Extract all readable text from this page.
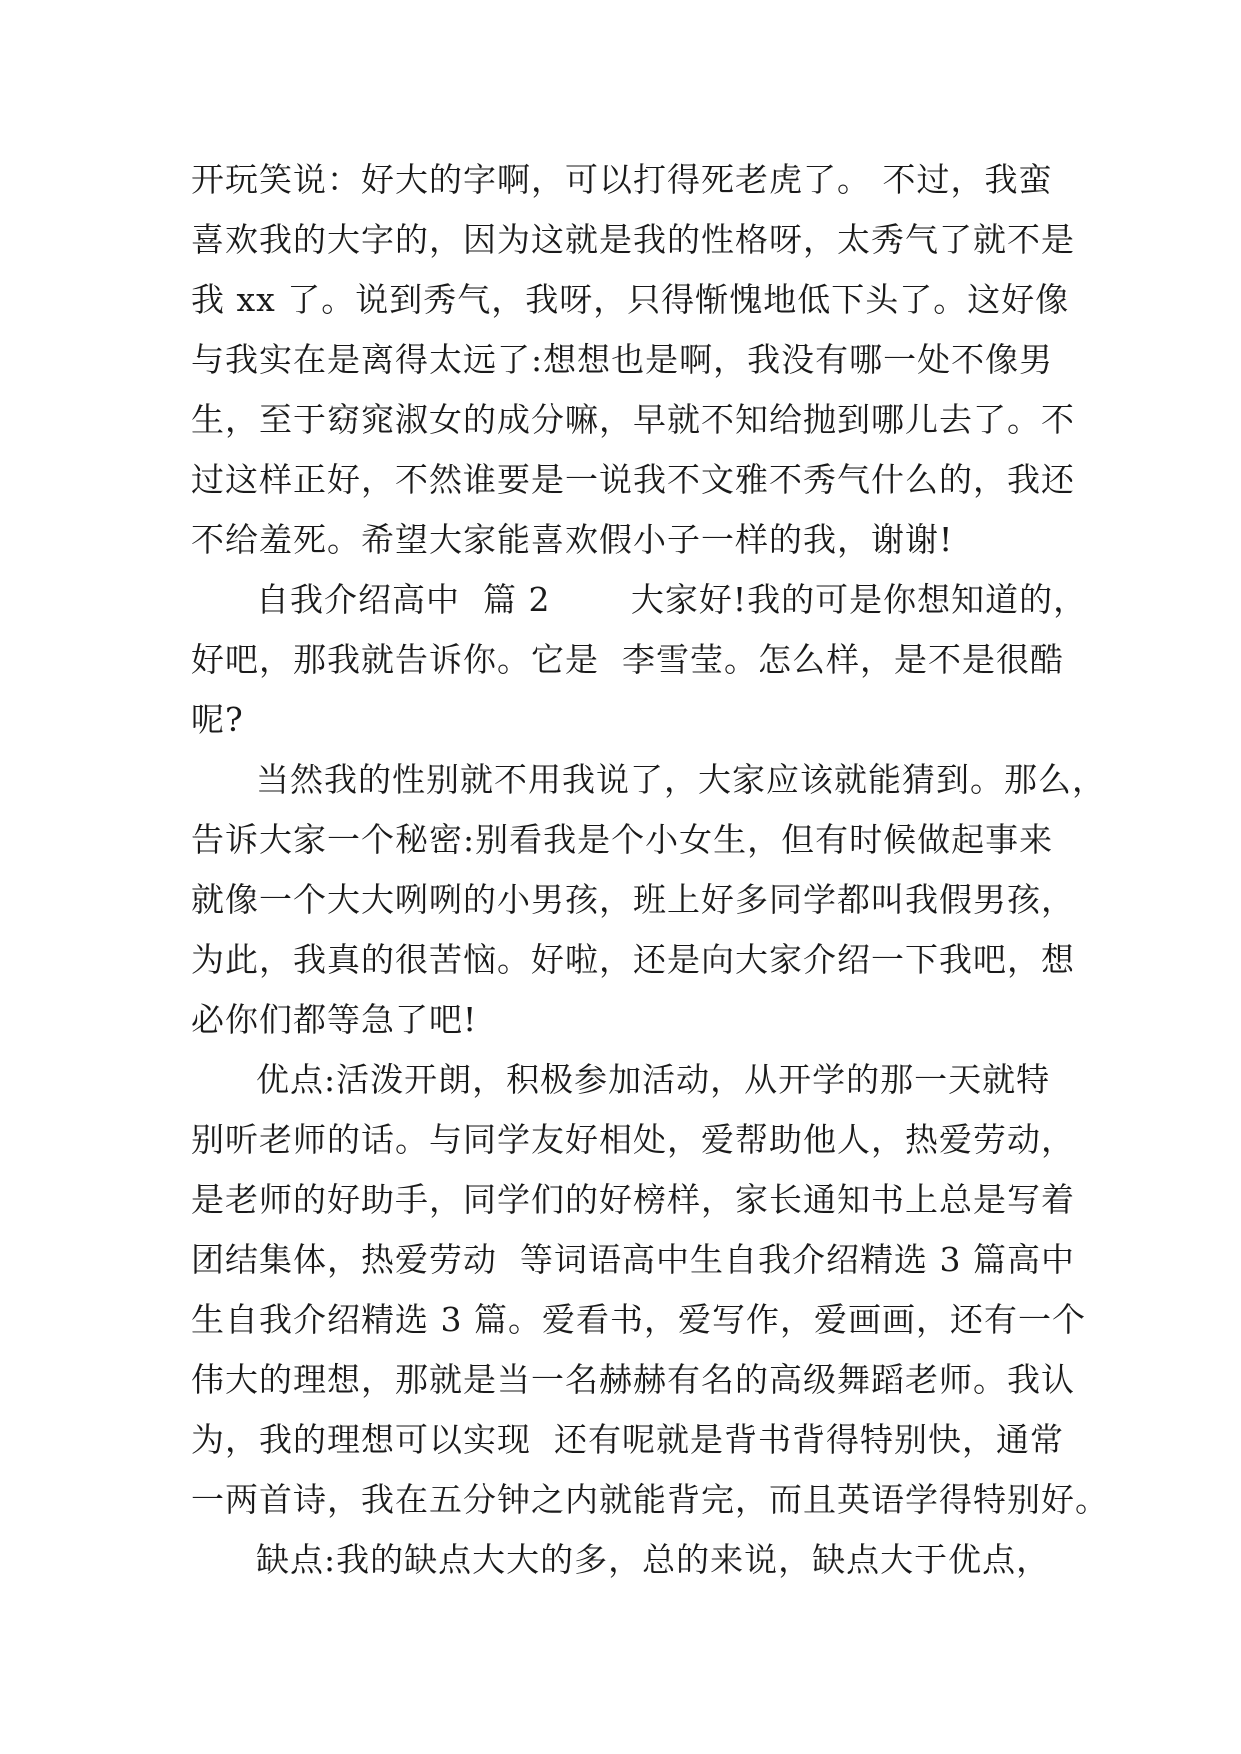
开玩笑说：好大的字啊，可以打得死老虎了。 不过，我蛮
喜欢我的大字的，因为这就是我的性格呀，太秀气了就不是
我 xx 了。说到秀气，我呀，只得惭愧地低下头了。这好像
与我实在是离得太远了:想想也是啊，我没有哪一处不像男
生，至于窈窕淑女的成分嘛，早就不知给抛到哪儿去了。不
过这样正好，不然谁要是一说我不文雅不秀气什么的，我还
不给羞死。希望大家能喜欢假小子一样的我，谢谢!
自我介绍高中  篇 2       大家好!我的可是你想知道的，
好吧，那我就告诉你。它是  李雪莹。怎么样，是不是很酷
呢?
当然我的性别就不用我说了，大家应该就能猜到。那么，
告诉大家一个秘密:别看我是个小女生，但有时候做起事来
就像一个大大咧咧的小男孩，班上好多同学都叫我假男孩，
为此，我真的很苦恼。好啦，还是向大家介绍一下我吧，想
必你们都等急了吧!
优点:活泼开朗，积极参加活动，从开学的那一天就特
别听老师的话。与同学友好相处，爱帮助他人，热爱劳动，
是老师的好助手，同学们的好榜样，家长通知书上总是写着
团结集体，热爱劳动  等词语高中生自我介绍精选 3 篇高中
生自我介绍精选 3 篇。爱看书，爱写作，爱画画，还有一个
伟大的理想，那就是当一名赫赫有名的高级舞蹈老师。我认
为，我的理想可以实现  还有呢就是背书背得特别快，通常
一两首诗，我在五分钟之内就能背完，而且英语学得特别好。
缺点:我的缺点大大的多，总的来说，缺点大于优点，
